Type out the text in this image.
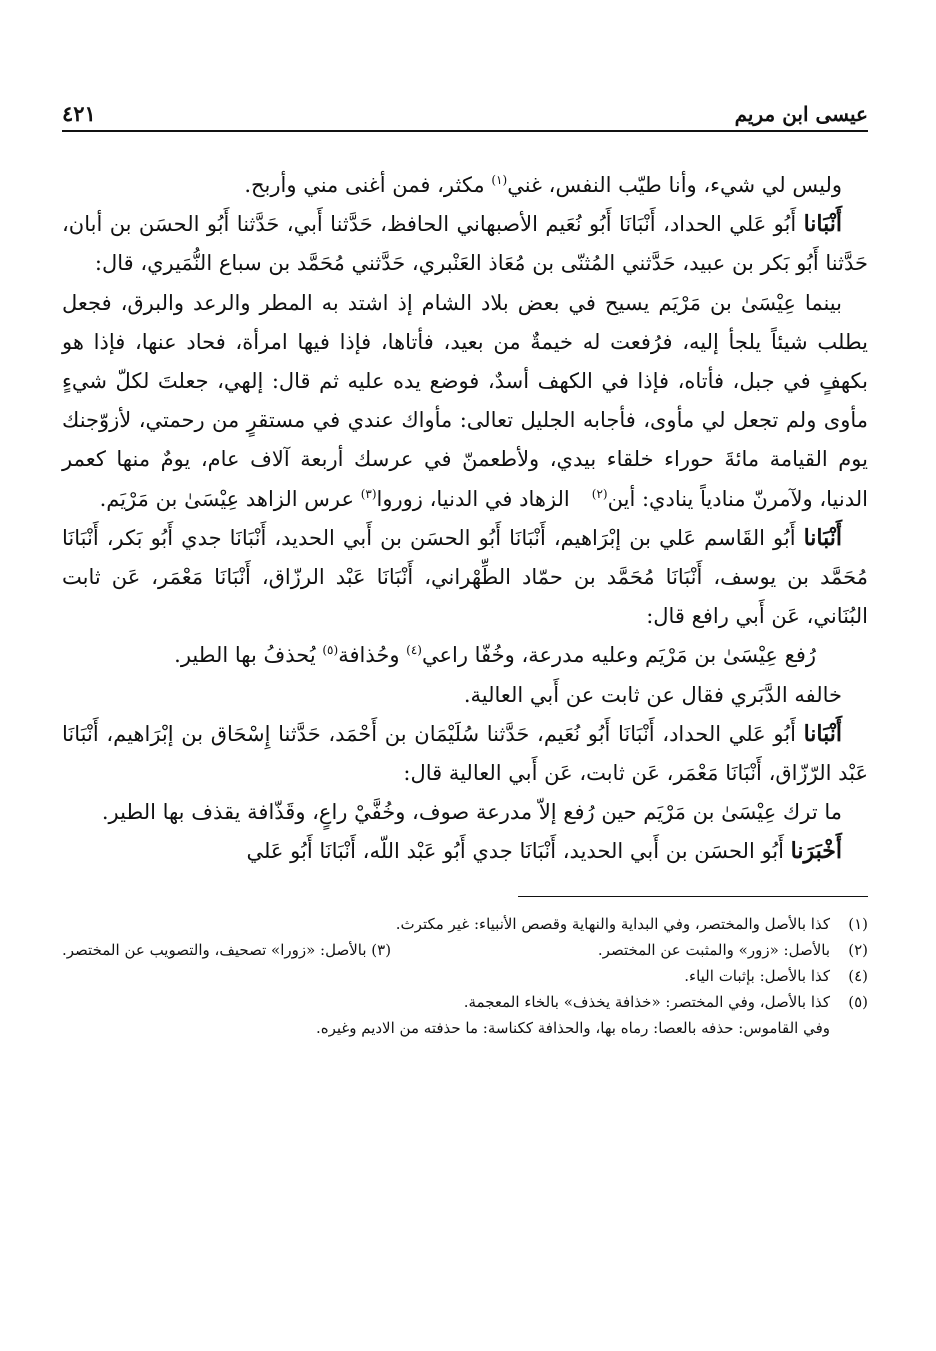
عيسى ابن مريم
٤٢١

وليس لي شيء، وأنا طيّب النفس، غني$^{(١)}$ مكثر، فمن أغنى مني وأربح.

أَنْبَانا أَبُو عَلي الحداد، أَنْبَانَا أَبُو نُعَيم الأصبهاني الحافظ، حَدَّثنا أَبي، حَدَّثنا أَبُو الحسَن بن أبان، حَدَّثنا أَبُو بَكر بن عبيد، حَدَّثني المُثنّى بن مُعَاذ العَنْبري، حَدَّثني مُحَمَّد بن سباع النُّمَيري، قال:

بينما عِيْسَىٰ بن مَرْيَم يسيح في بعض بلاد الشام إذ اشتد به المطر والرعد والبرق، فجعل يطلب شيئاً يلجأ إليه، فرُفعت له خيمةٌ من بعيد، فأتاها، فإذا فيها امرأة، فحاد عنها، فإذا هو بكهفٍ في جبل، فأتاه، فإذا في الكهف أسدٌ، فوضع يده عليه ثم قال: إلهي، جعلتَ لكلّ شيءٍ مأوى ولم تجعل لي مأوى، فأجابه الجليل تعالى: مأواك عندي في مستقرٍ من رحمتي، لأزوّجنك يوم القيامة مائةَ حوراء خلقاء بيدي، ولأطعمنّ في عرسك أربعة آلاف عام، يومٌ منها كعمر الدنيا، ولآمرنّ منادياً ينادي: أين$^{(٢)}$الزهاد في الدنيا، زوروا$^{(٣)}$ عرس الزاهد عِيْسَىٰ بن مَرْيَم.

أَنْبَانا أَبُو القَاسم عَلي بن إبْرَاهيم، أَنْبَانَا أَبُو الحسَن بن أَبي الحديد، أَنْبَانَا جدي أَبُو بَكر، أَنْبَانَا مُحَمَّد بن يوسف، أَنْبَانَا مُحَمَّد بن حمّاد الطِّهْراني، أَنْبَانَا عَبْد الرزّاق، أَنْبَانَا مَعْمَر، عَن ثابت البُنَاني، عَن أَبي رافع قال:

رُفع عِيْسَىٰ بن مَرْيَم وعليه مدرعة، وخُفّا راعي$^{(٤)}$ وحُذافة$^{(٥)}$ يُحذفُ بها الطير.

خالفه الدَّبَري فقال عن ثابت عن أَبي العالية.

أَنْبَانا أَبُو عَلي الحداد، أَنْبَانَا أَبُو نُعَيم، حَدَّثنا سُلَيْمَان بن أَحْمَد، حَدَّثنا إِسْحَاق بن إبْرَاهيم، أَنْبَانَا عَبْد الرّزّاق، أَنْبَانَا مَعْمَر، عَن ثابت، عَن أَبي العالية قال:

ما ترك عِيْسَىٰ بن مَرْيَم حين رُفع إلاّ مدرعة صوف، وخُفَّيْ راعٍ، وقَذّافة يقذف بها الطير.

أَخْبَرَنا أَبُو الحسَن بن أَبي الحديد، أَنْبَانَا جدي أَبُو عَبْد اللّه، أَنْبَانَا أَبُو عَلي

(١)
كذا بالأصل والمختصر، وفي البداية والنهاية وقصص الأنبياء: غير مكترث.
(٢)
بالأصل: «زور» والمثبت عن المختصر.
(٣) بالأصل: «زورا» تصحيف، والتصويب عن المختصر.
(٤)
كذا بالأصل: بإثبات الياء.
(٥)
كذا بالأصل، وفي المختصر: «خذافة يخذف» بالخاء المعجمة.
وفي القاموس: حذفه بالعصا: رماه بها، والحذافة ككناسة: ما حذفته من الاديم وغيره.
